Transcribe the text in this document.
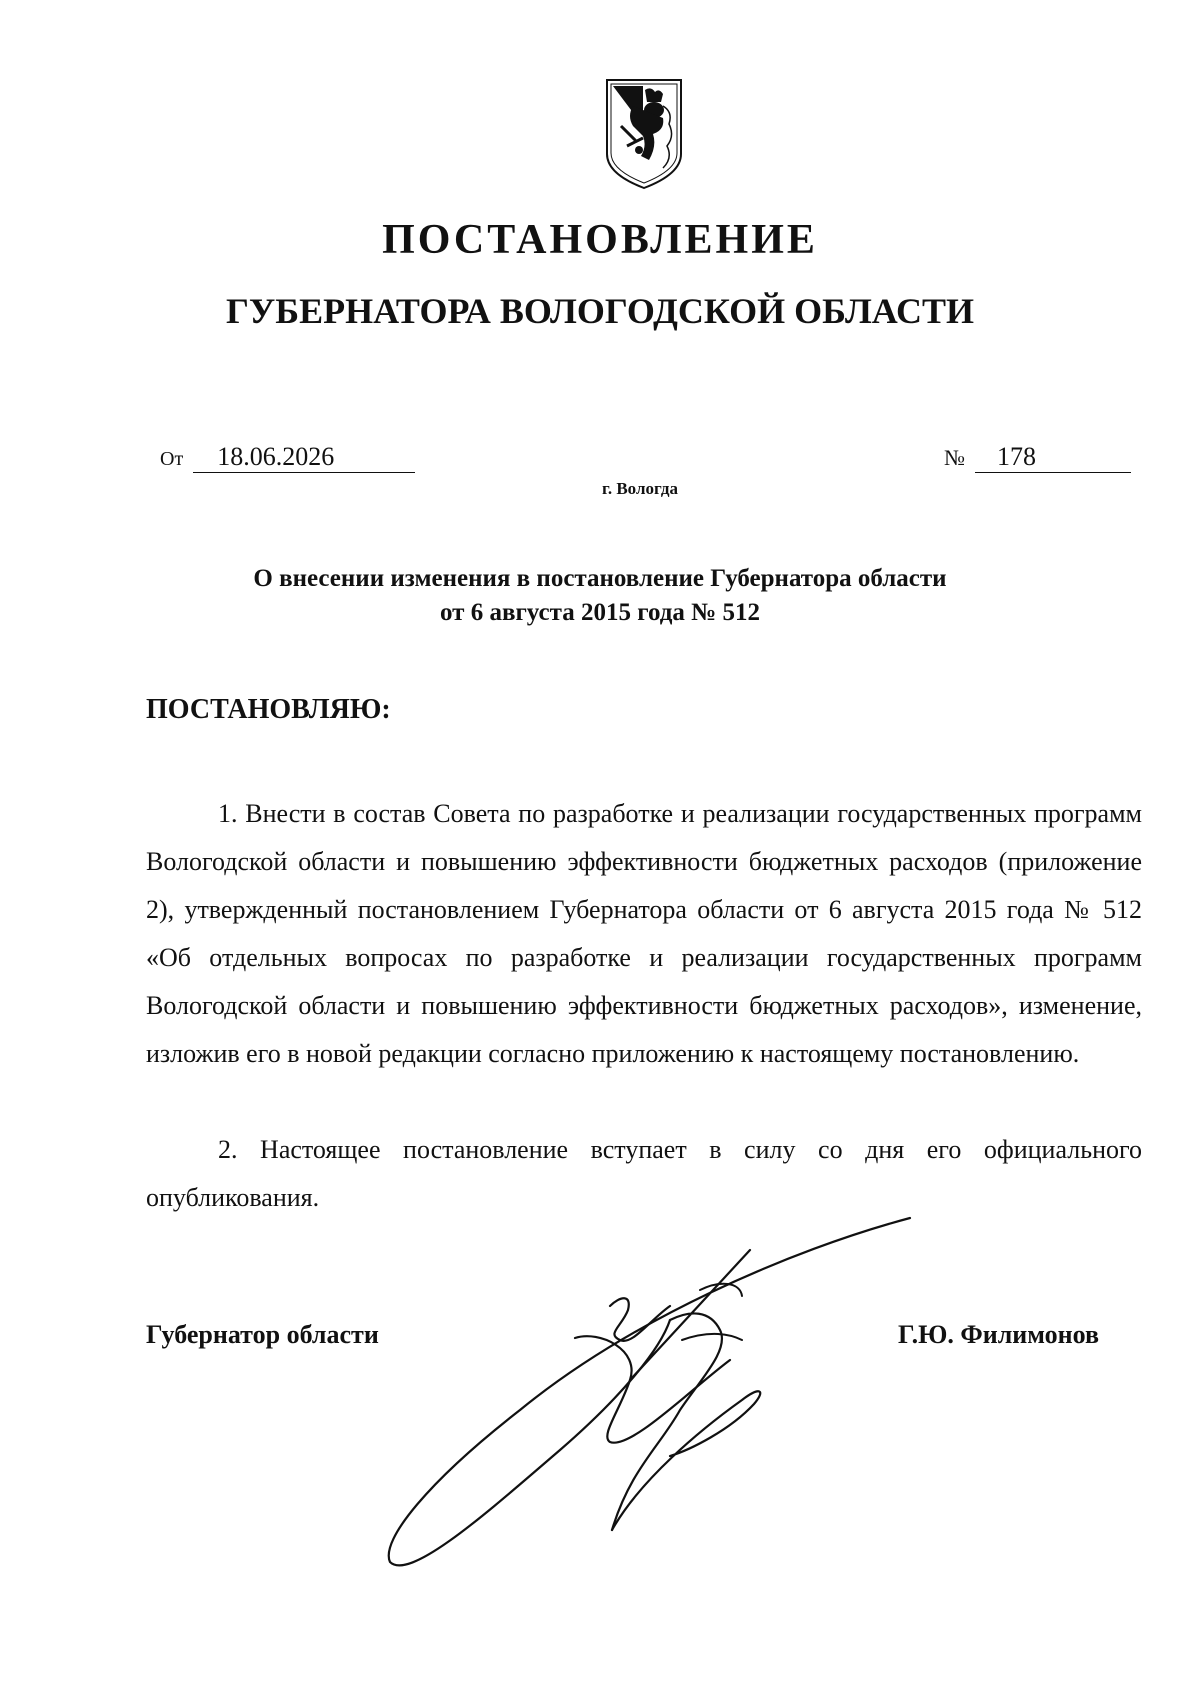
ПОСТАНОВЛЕНИЕ
ГУБЕРНАТОРА ВОЛОГОДСКОЙ ОБЛАСТИ
От 18.06.2026	№ 178
г. Вологда
О внесении изменения в постановление Губернатора области
от 6 августа 2015 года № 512
ПОСТАНОВЛЯЮ:

1. Внести в состав Совета по разработке и реализации государственных программ Вологодской области и повышению эффективности бюджетных расходов (приложение 2), утвержденный постановлением Губернатора области от 6 августа 2015 года № 512 «Об отдельных вопросах по разработке и реализации государственных программ Вологодской области и повышению эффективности бюджетных расходов», изменение, изложив его в новой редакции согласно приложению к настоящему постановлению.

2. Настоящее постановление вступает в силу со дня его официального опубликования.

Губернатор области	Г.Ю. Филимонов
